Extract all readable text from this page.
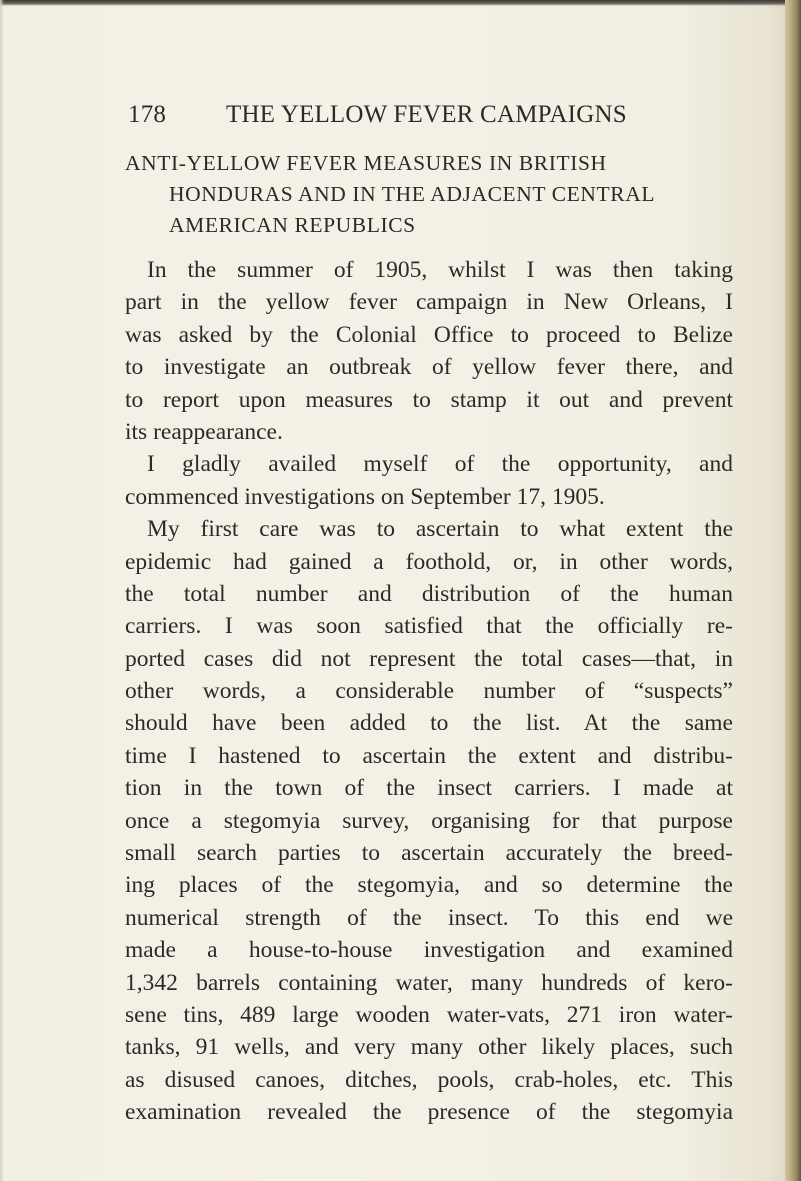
178 THE YELLOW FEVER CAMPAIGNS
ANTI-YELLOW FEVER MEASURES IN BRITISH
HONDURAS AND IN THE ADJACENT CENTRAL
AMERICAN REPUBLICS
In the summer of 1905, whilst I was then taking
part in the yellow fever campaign in New Orleans, I
was asked by the Colonial Office to proceed to Belize
to investigate an outbreak of yellow fever there, and
to report upon measures to stamp it out and prevent
its reappearance.
I gladly availed myself of the opportunity, and
commenced investigations on September 17, 1905.
My first care was to ascertain to what extent the
epidemic had gained a foothold, or, in other words,
the total number and distribution of the human
carriers. I was soon satisfied that the officially re-
ported cases did not represent the total cases—that, in
other words, a considerable number of “suspects”
should have been added to the list. At the same
time I hastened to ascertain the extent and distribu-
tion in the town of the insect carriers. I made at
once a stegomyia survey, organising for that purpose
small search parties to ascertain accurately the breed-
ing places of the stegomyia, and so determine the
numerical strength of the insect. To this end we
made a house-to-house investigation and examined
1,342 barrels containing water, many hundreds of kero-
sene tins, 489 large wooden water-vats, 271 iron water-
tanks, 91 wells, and very many other likely places, such
as disused canoes, ditches, pools, crab-holes, etc. This
examination revealed the presence of the stegomyia
